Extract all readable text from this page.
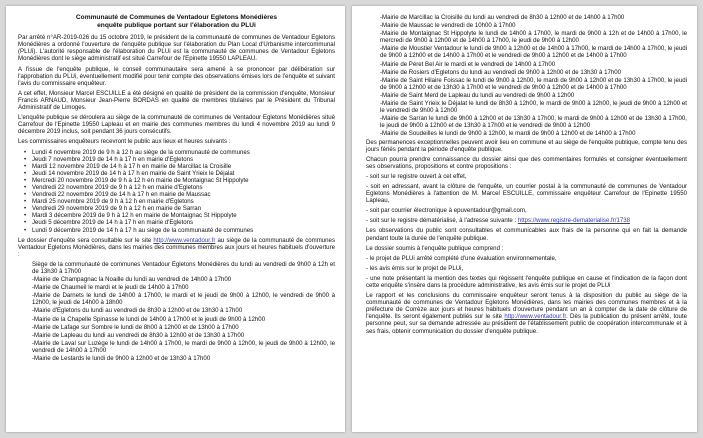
Communauté de Communes de Ventadour Egletons Monédières
enquête publique portant sur l'élaboration du PLUi

Par arrêté n°AR-2019-026 du 15 octobre 2019, le président de la communauté de communes de Ventadour Egletons Monédières a ordonné l'ouverture de l'enquête publique sur l'élaboration du Plan Local d'Urbanisme intercommunal (PLUi). L'autorité responsable de l'élaboration du PLUi est la communauté de communes de Ventadour Egletons Monédières dont le siège administratif est situé Carrefour de l'Epinette 19550 LAPLEAU.

A l'issue de l'enquête publique, le conseil communautaire sera amené à se prononcer par délibération sur l'approbation du PLUi, éventuellement modifié pour tenir compte des observations émises lors de l'enquête et suivant l'avis du commissaire enquêteur.

A cet effet, Monsieur Marcel ESCUILLE a été désigné en qualité de président de la commission d'enquête, Monsieur Francis ARNAUD, Monsieur Jean-Pierre BORDAS en qualité de membres titulaires par le Président du Tribunal Administratif de Limoges.

L'enquête publique se déroulera au siège de la communauté de communes de Ventadour Egletons Monédières situé Carrefour de l'Epinette 19550 Lapleau et en mairie des communes membres du lundi 4 novembre 2019 au lundi 9 décembre 2019 inclus, soit pendant 36 jours consécutifs.

Les commissaires enquêteurs recevront le public aux lieux et heures suivants :

• Lundi 4 novembre 2019 de 9 h à 12 h au siège de la communauté de communes
• Jeudi 7 novembre 2019 de 14 h à 17 h en mairie d'Egletons
• Mardi 12 novembre 2019 de 14 h à 17 h en mairie de Marcillac la Croisille
• Jeudi 14 novembre 2019 de 14 h à 17 h en mairie de Saint Yrieix le Déjalat
• Mercredi 20 novembre 2019 de 9 h à 12 h en mairie de Montaignac St Hippolyte
• Vendredi 22 novembre 2019 de 9 h à 12 h en mairie d'Egletons
• Vendredi 22 novembre 2019 de 14 h à 17 h en mairie de Maussac
• Mardi 25 novembre 2019 de 9 h à 12 h en mairie d'Egletons
• Vendredi 29 novembre 2019 de 9 h à 12 h en mairie de Sarran
• Mardi 3 décembre 2019 de 9 h à 12 h en mairie de Montaignac St Hippolyte
• Jeudi 5 décembre 2019 de 14 h à 17 h en mairie d'Egletons
• Lundi 9 décembre 2019 de 14 h à 17 h au siège de la communauté de communes

Le dossier d'enquête sera consultable sur le site http://www.ventadour.fr au siège de la communauté de communes Ventadour Egletons Monédières, dans les mairies des communes membres aux jours et heures habituels d'ouverture :

Siège de la communauté de communes Ventadour Egletons Monédières du lundi au vendredi de 9h00 à 12h et de 13h30 à 17h00

-Mairie de Champagnac la Noaille du lundi au vendredi de 14h00 à 17h00

-Mairie de Chaumeil le mardi et le jeudi de 14h00 à 17h00

-Mairie de Darnets le lundi de 14h00 à 17h00, le mardi et le jeudi de 9h00 à 12h00, le vendredi de 9h00 à 12h00, le jeudi de 14h00 à 18h00

-Mairie d'Egletons du lundi au vendredi de 8h30 à 12h00 et de 13h30 à 17h00

-Mairie de la Chapelle Spinasse le lundi de 14h00 à 17h00 et le jeudi de 9h00 à 12h00

-Mairie de Lafage sur Sombre le lundi de 8h00 à 12h00 et de 13h00 à 17h00

-Mairie de Lapleau du lundi au vendredi de 8h30 à 12h00 et de 13h30 à 17h00

-Mairie de Laval sur Luzège le lundi de 14h00 à 17h00, le mardi de 9h00 à 12h00, le jeudi de 9h00 à 12h00, le vendredi de 14h00 à 17h00

-Mairie de Lestards le lundi de 9h00 à 12h00 et de 13h30 à 17h00

-Mairie de Marcillac la Croisille du lundi au vendredi de 8h30 à 12h00 et de 14h00 à 17h00

-Mairie de Maussac le vendredi de 10h00 à 17h00

-Mairie de Montaignac St Hippolyte le lundi de 14h00 à 17h00, le mardi de 9h00 à 12h et de 14h00 à 17h00, le mercredi de 9h00 à 12h00 et de 14h00 à 17h00, le jeudi de 9h00 à 12h00

-Mairie de Moustier Ventadour le lundi de 9h00 à 12h00 et de 14h00 à 17h00, le mardi de 14h00 à 17h00, le jeudi de 9h00 à 12h00 et de 14h00 à 17h00 et le vendredi de 9h00 à 12h00 et de 14h00 à 17h00

-Mairie de Péret Bel Air le mardi et le vendredi de 14h00 à 17h00

-Mairie de Rosiers d'Egletons du lundi au vendredi de 9h00 à 12h00 et de 13h30 à 17h00

-Mairie de Saint Hilaire Foissac le lundi de 9h00 à 12h00, le mardi de 9h00 à 12h00 et de 13h30 à 17h00, le jeudi de 9h00 à 12h00 et de 13h30 à 17h00 et le vendredi de 9h00 à 12h00 et de 14h00 à 17h00

-Mairie de Saint Merd de Lapleau du lundi au vendredi de 9h00 à 12h00

-Mairie de Saint Yrieix le Déjalat le lundi de 8h30 à 12h00, le mardi de 9h00 à 12h00, le jeudi de 9h00 à 12h00 et le vendredi de 9h00 à 12h00

-Mairie de Sarran le lundi de 9h00 à 12h00 et de 13h30 à 17h00, le mardi de 9h00 à 12h00 et de 13h30 à 17h00, le jeudi de 9h00 à 12h00 et de 13h30 à 17h00 et le vendredi de 9h00 à 12h00

-Mairie de Soudeilles le lundi de 9h00 à 12h00, le mardi de 9h00 à 12h00 et de 14h00 à 17h00

Des permanences exceptionnelles peuvent avoir lieu en commune et au siège de l'enquête publique, compte tenu des jours fériés pendant la période d'enquête publique.

Chacun pourra prendre connaissance du dossier ainsi que des commentaires formulés et consigner éventuellement ses observations, propositions et contre propositions :

- soit sur le registre ouvert à cet effet,

- soit en adressant, avant la clôture de l'enquête, un courrier postal à la communauté de communes de Ventadour Egletons Monédières à l'attention de M. Marcel ESCUILLE, commissaire enquêteur Carrefour de l'Epinette 19550 Lapleau,

- soit par courrier électronique à epuventadour@gmail.com,

- soit sur le registre dématérialisé, à l'adresse suivante : https://www.registre-dematerialise.fr/1738

Les observations du public sont consultables et communicables aux frais de la personne qui en fait la demande pendant toute la durée de l'enquête publique.

Le dossier soumis à l'enquête publique comprend :

- le projet de PLUi arrêté complété d'une évaluation environnementale,

- les avis émis sur le projet de PLUi,

- une note présentant la mention des textes qui régissent l'enquête publique en cause et l'indication de la façon dont cette enquête s'insère dans la procédure administrative, les avis émis sur le projet de PLUi

Le rapport et les conclusions du commissaire enquêteur seront tenus à la disposition du public au siège de la communauté de communes de Ventadour Egletons Monédières, dans les mairies des communes membres et à la préfecture de Corrèze aux jours et heures habituels d'ouverture pendant un an à compter de la date de clôture de l'enquête. Ils seront également publiés sur le site http://www.ventadour.fr. Dès la publication du présent arrêté, toute personne peut, sur sa demande adressée au président de l'établissement public de coopération intercommunale et à ses frais, obtenir communication du dossier d'enquête publique.
